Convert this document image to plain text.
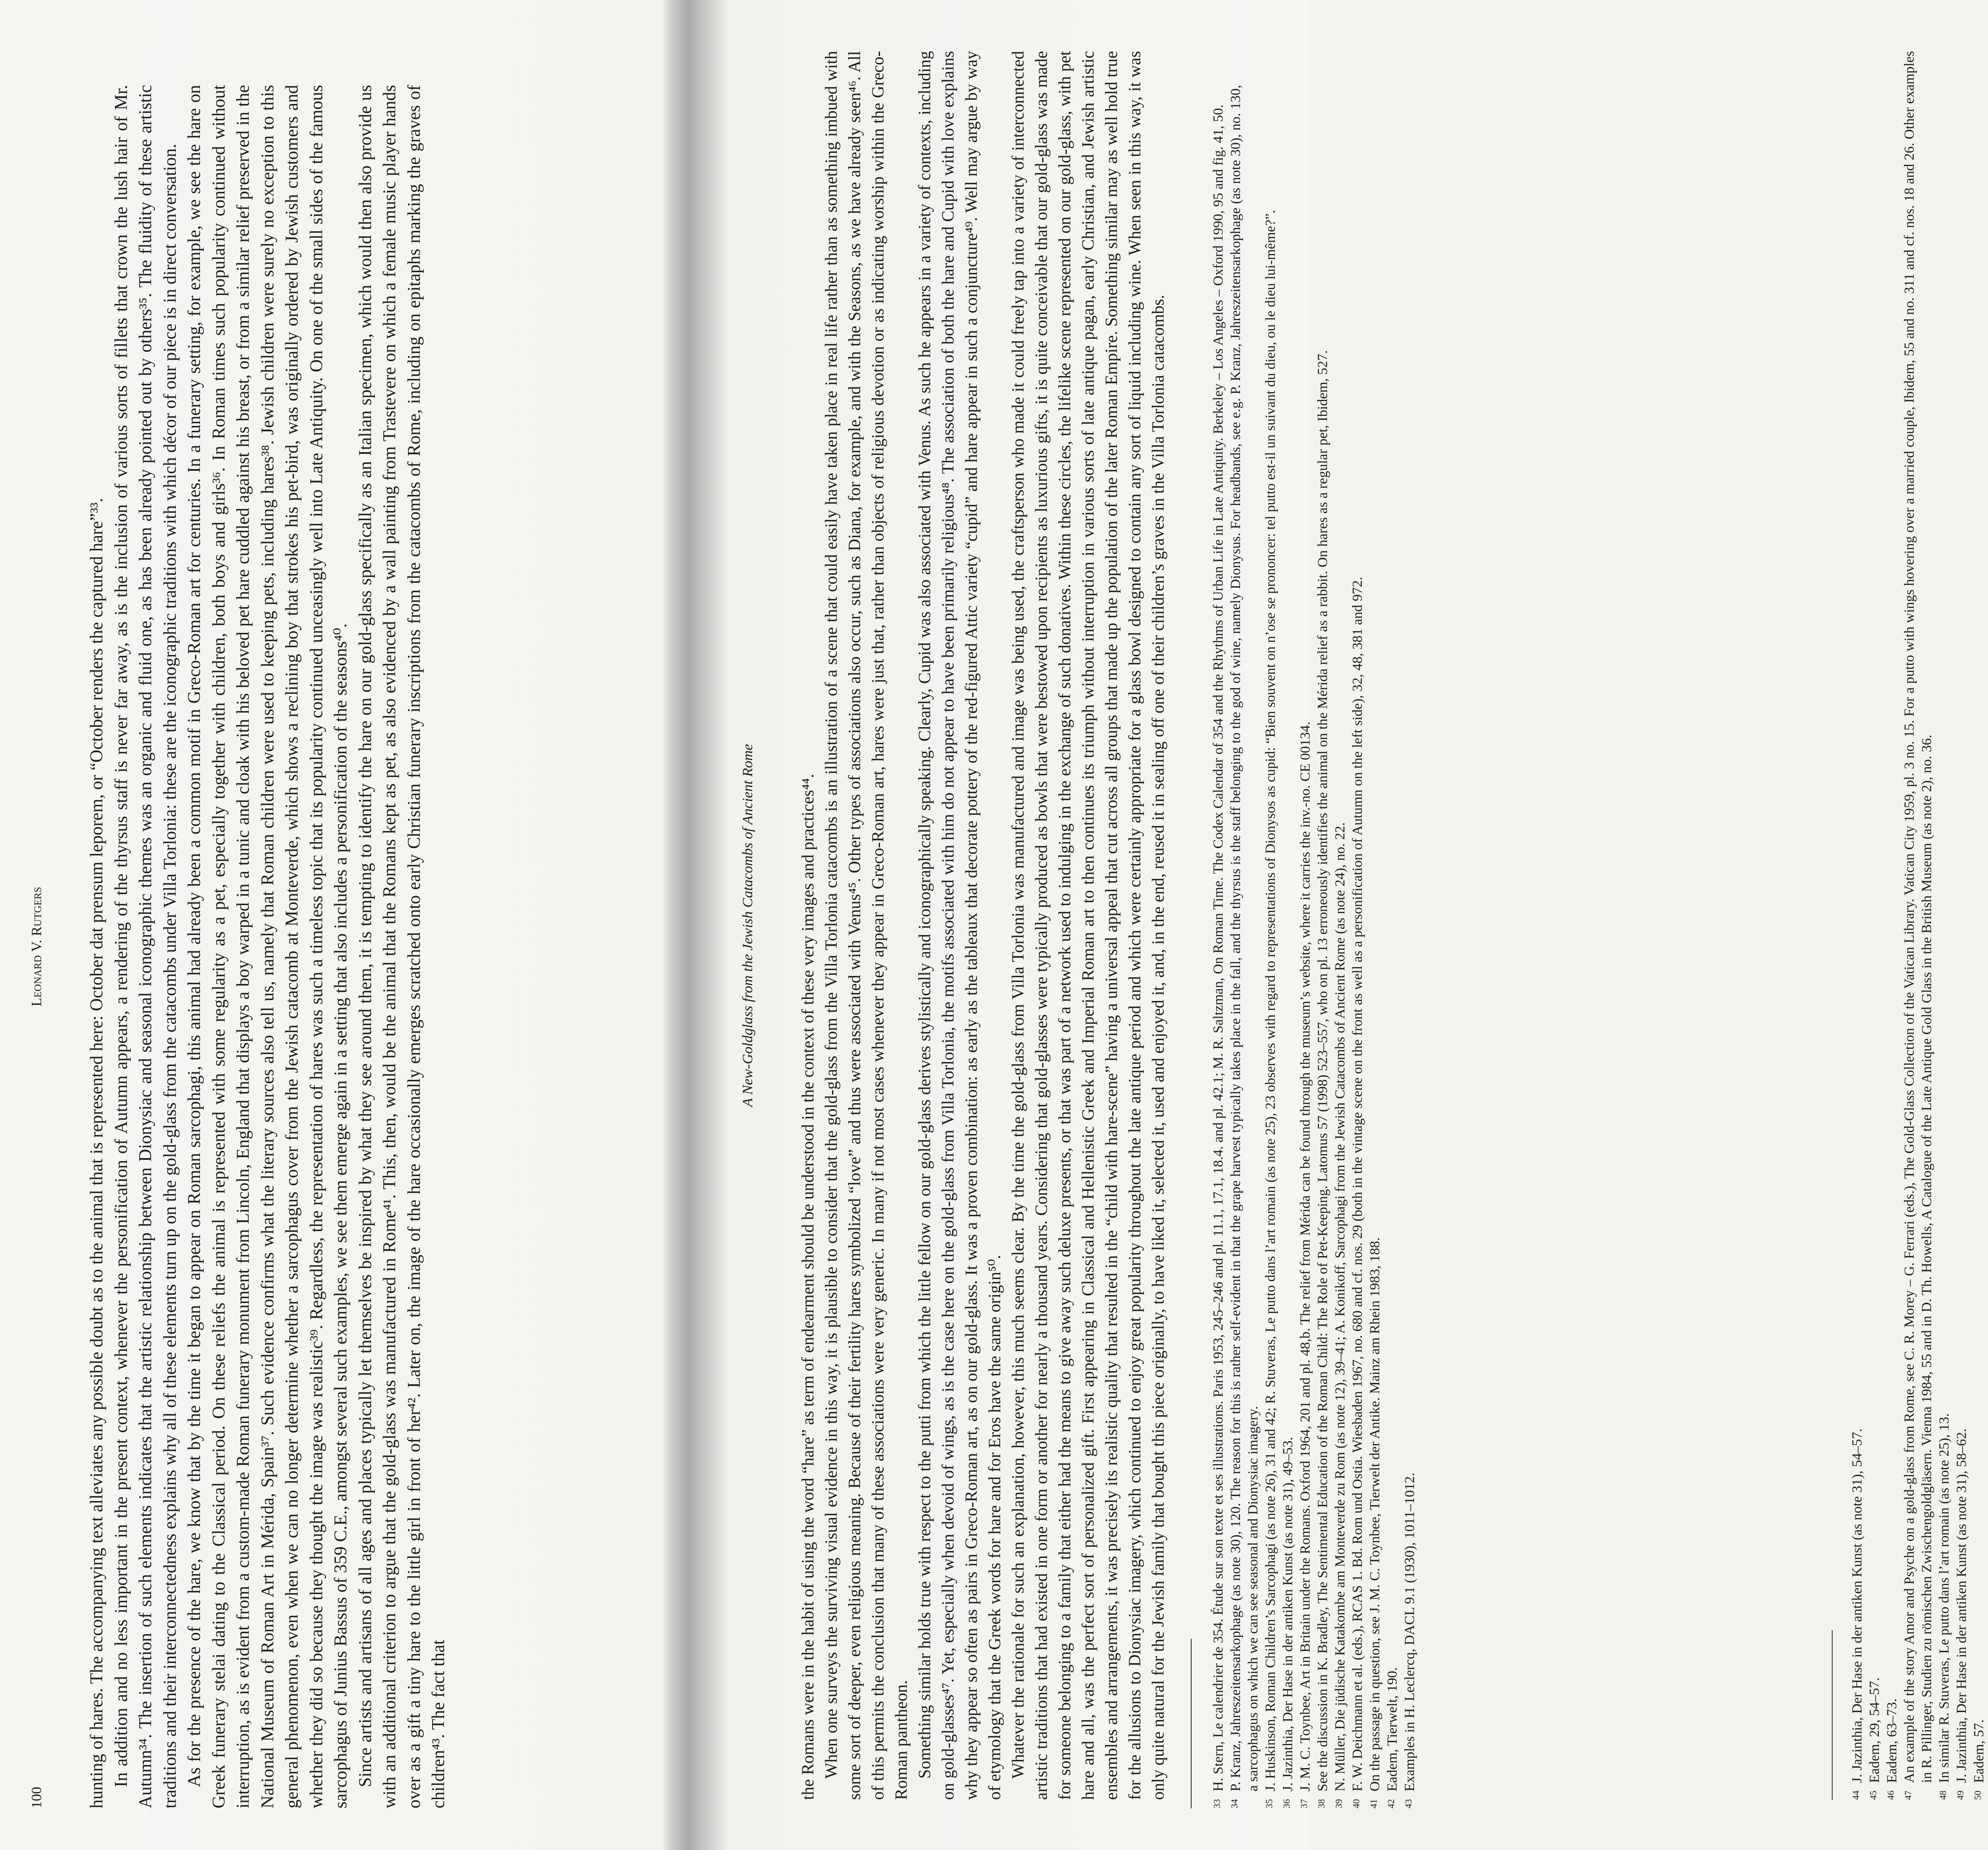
100
Leonard V. Rutgers hunting of hares. The accompanying text alleviates any possible doubt as to the animal that is represented here: October dat prensum leporem, or “October renders the captured hare”³³. In addition and no less important in the present context, whenever the personification of Autumn appears, a rendering of the thyrsus staff is never far away, as is the inclusion of various sorts of fillets that crown the lush hair of Mr. Autumn³⁴. The insertion of such elements indicates that the artistic relationship between Dionysiac and seasonal iconographic themes was an organic and fluid one, as has been already pointed out by others³⁵. The fluidity of these artistic traditions and their interconnectedness explains why all of these elements turn up on the gold-glass from the catacombs under Villa Torlonia: these are the iconographic traditions with which décor of our piece is in direct conversation. As for the presence of the hare, we know that by the time it began to appear on Roman sarcophagi, this animal had already been a common motif in Greco-Roman art for centuries. In a funerary setting, for example, we see the hare on Greek funerary stelai dating to the Classical period. On these reliefs the animal is represented with some regularity as a pet, especially together with children, both boys and girls³⁶. In Roman times such popularity continued without interruption, as is evident from a custom-made Roman funerary monument from Lincoln, England that displays a boy warped in a tunic and cloak with his beloved pet hare cuddled against his breast, or from a similar relief preserved in the National Museum of Roman Art in Mérida, Spain³⁷. Such evidence confirms what the literary sources also tell us, namely that Roman children were used to keeping pets, including hares³⁸. Jewish children were surely no exception to this general phenomenon, even when we can no longer determine whether a sarcophagus cover from the Jewish catacomb at Monteverde, which shows a reclining boy that strokes his pet-bird, was originally ordered by Jewish customers and whether they did so because they thought the image was realistic³⁹. Regardless, the representation of hares was such a timeless topic that its popularity continued unceasingly well into Late Antiquity. On one of the small sides of the famous sarcophagus of Junius Bassus of 359 C.E., amongst several such examples, we see them emerge again in a setting that also includes a personification of the seasons⁴⁰. Since artists and artisans of all ages and places typically let themselves be inspired by what they see around them, it is tempting to identify the hare on our gold-glass specifically as an Italian specimen, which would then also provide us with an additional criterion to argue that the gold-glass was manufactured in Rome⁴¹. This, then, would be the animal that the Romans kept as pet, as also evidenced by a wall painting from Trastevere on which a female music player hands over as a gift a tiny hare to the little girl in front of her⁴². Later on, the image of the hare occasionally emerges scratched onto early Christian funerary inscriptions from the catacombs of Rome, including on epitaphs marking the graves of children⁴³. The fact that	33
H. Stern, Le calendrier de 354. Étude sur son texte et ses illustrations. Paris 1953, 245–246 and pl. 11.1, 17.1, 18.4. and pl. 42.1; M. R. Saltzman, On Roman Time. The Codex Calendar of 354 and the Rhythms of Urban Life in Late Antiquity. Berkeley – Los Angeles – Oxford 1990, 95 and fig. 41, 50.

34
P. Kranz, Jahreszeitensarkophage (as note 30), 120. The reason for this is rather self-evident in that the grape harvest typically takes place in the fall, and the thyrsus is the staff belonging to the god of wine, namely Dionysus. For headbands, see e.g. P. Kranz, Jahreszeitensarkophage (as note 30), no. 130, a sarcophagus on which we can see seasonal and Dionysiac imagery.

35
J. Huskinson, Roman Children’s Sarcophagi (as note 26), 31 and 42; R. Stuveras, Le putto dans l’art romain (as note 25), 23 observes with regard to representations of Dionysos as cupid: “Bien souvent on n’ose se prononcer: tel putto est-il un suivant du dieu, ou le dieu lui-même?”.

36
J. Jazinthia, Der Hase in der antiken Kunst (as note 31), 49–53.

37
J. M. C. Toynbee, Art in Britain under the Romans. Oxford 1964, 201 and pl. 48,b. The relief from Mérida can be found through the museum’s website, where it carries the inv.-no. CE 00134.

38
See the discussion in K. Bradley, The Sentimental Education of the Roman Child: The Role of Pet-Keeping. Latomus 57 (1998) 523–557, who on pl. 13 erroneously identifies the animal on the Mérida relief as a rabbit. On hares as a regular pet, Ibidem, 527.

39
N. Müller, Die jüdische Katakombe am Monteverde zu Rom (as note 12), 39–41; A. Konikoff, Sarcophagi from the Jewish Catacombs of Ancient Rome (as note 24), no. 22.

40
F. W. Deichmann et al. (eds.), RCAS 1. Bd. Rom und Ostia. Wiesbaden 1967, no. 680 and cf. nos. 29 (both in the vintage scene on the front as well as a personification of Autumn on the left side), 32, 48, 381 and 972.

41
On the passage in question, see J. M. C. Toynbee, Tierwelt der Antike. Mainz am Rhein 1983, 188.

42
Eadem, Tierwelt, 190.

43
Examples in H. Leclercq, DACL 9.1 (1930), 1011–1012.

A New-Goldglass from the Jewish Catacombs of Ancient Rome	the Romans were in the habit of using the word “hare” as term of endearment should be understood in the context of these very images and practices⁴⁴. When one surveys the surviving visual evidence in this way, it is plausible to consider that the gold-glass from the Villa Torlonia catacombs is an illustration of a scene that could easily have taken place in real life rather than as something imbued with some sort of deeper, even religious meaning. Because of their fertility hares symbolized “love” and thus were associated with Venus⁴⁵. Other types of associations also occur, such as Diana, for example, and with the Seasons, as we have already seen⁴⁶. All of this permits the conclusion that many of these associations were very generic. In many if not most cases whenever they appear in Greco-Roman art, hares were just that, rather than objects of religious devotion or as indicating worship within the Greco-Roman pantheon. Something similar holds true with respect to the putti from which the little fellow on our gold-glass derives stylistically and iconographically speaking. Clearly, Cupid was also associated with Venus. As such he appears in a variety of contexts, including on gold-glasses⁴⁷. Yet, especially when devoid of wings, as is the case here on the gold-glass from Villa Torlonia, the motifs associated with him do not appear to have been primarily religious⁴⁸. The association of both the hare and Cupid with love explains why they appear so often as pairs in Greco-Roman art, as on our gold-glass. It was a proven combination: as early as the tableaux that decorate pottery of the red-figured Attic variety “cupid” and hare appear in such a conjuncture⁴⁹. Well may argue by way of etymology that the Greek words for hare and for Eros have the same origin⁵⁰. Whatever the rationale for such an explanation, however, this much seems clear. By the time the gold-glass from Villa Torlonia was manufactured and image was being used, the craftsperson who made it could freely tap into a variety of interconnected artistic traditions that had existed in one form or another for nearly a thousand years. Considering that gold-glasses were typically produced as bowls that were bestowed upon recipients as luxurious gifts, it is quite conceivable that our gold-glass was made for someone belonging to a family that either had the means to give away such deluxe presents, or that was part of a network used to indulging in the exchange of such donatives. Within these circles, the lifelike scene represented on our gold-glass, with pet hare and all, was the perfect sort of personalized gift. First appearing in Classical and Hellenistic Greek and Imperial Roman art to then continues its triumph without interruption in various sorts of late antique pagan, early Christian, and Jewish artistic ensembles and arrangements, it was precisely its realistic quality that resulted in the “child with hare-scene” having a universal appeal that cut across all groups that made up the population of the later Roman Empire. Something similar may as well hold true for the allusions to Dionysiac imagery, which continued to enjoy great popularity throughout the late antique period and which were certainly appropriate for a glass bowl designed to contain any sort of liquid including wine. When seen in this way, it was only quite natural for the Jewish family that bought this piece originally, to have liked it, selected it, used and enjoyed it, and, in the end, reused it in sealing off one of their children’s graves in the Villa Torlonia catacombs.	44
J. Jazinthia, Der Hase in der antiken Kunst (as note 31), 54–57.

45
Eadem, 29, 54–57.

46
Eadem, 63–73.

47
An example of the story Amor and Psyche on a gold-glass from Rome, see C. R. Morey – G. Ferrari (eds.), The Gold-Glass Collection of the Vatican Library. Vatican City 1959, pl. 3 no. 15. For a putto with wings hovering over a married couple, Ibidem, 55 and no. 311 and cf. nos. 18 and 26. Other examples in R. Pillinger, Studien zu römischen Zwischengoldgläsern. Vienna 1984, 55 and in D. Th. Howells, A Catalogue of the Late Antique Gold Glass in the British Museum (as note 2), no. 36.

48
In similar R. Stuveras, Le putto dans l’art romain (as note 25), 13.

49
J. Jazinthia, Der Hase in der antiken Kunst (as note 31), 58–62.

50
Eadem, 57.
